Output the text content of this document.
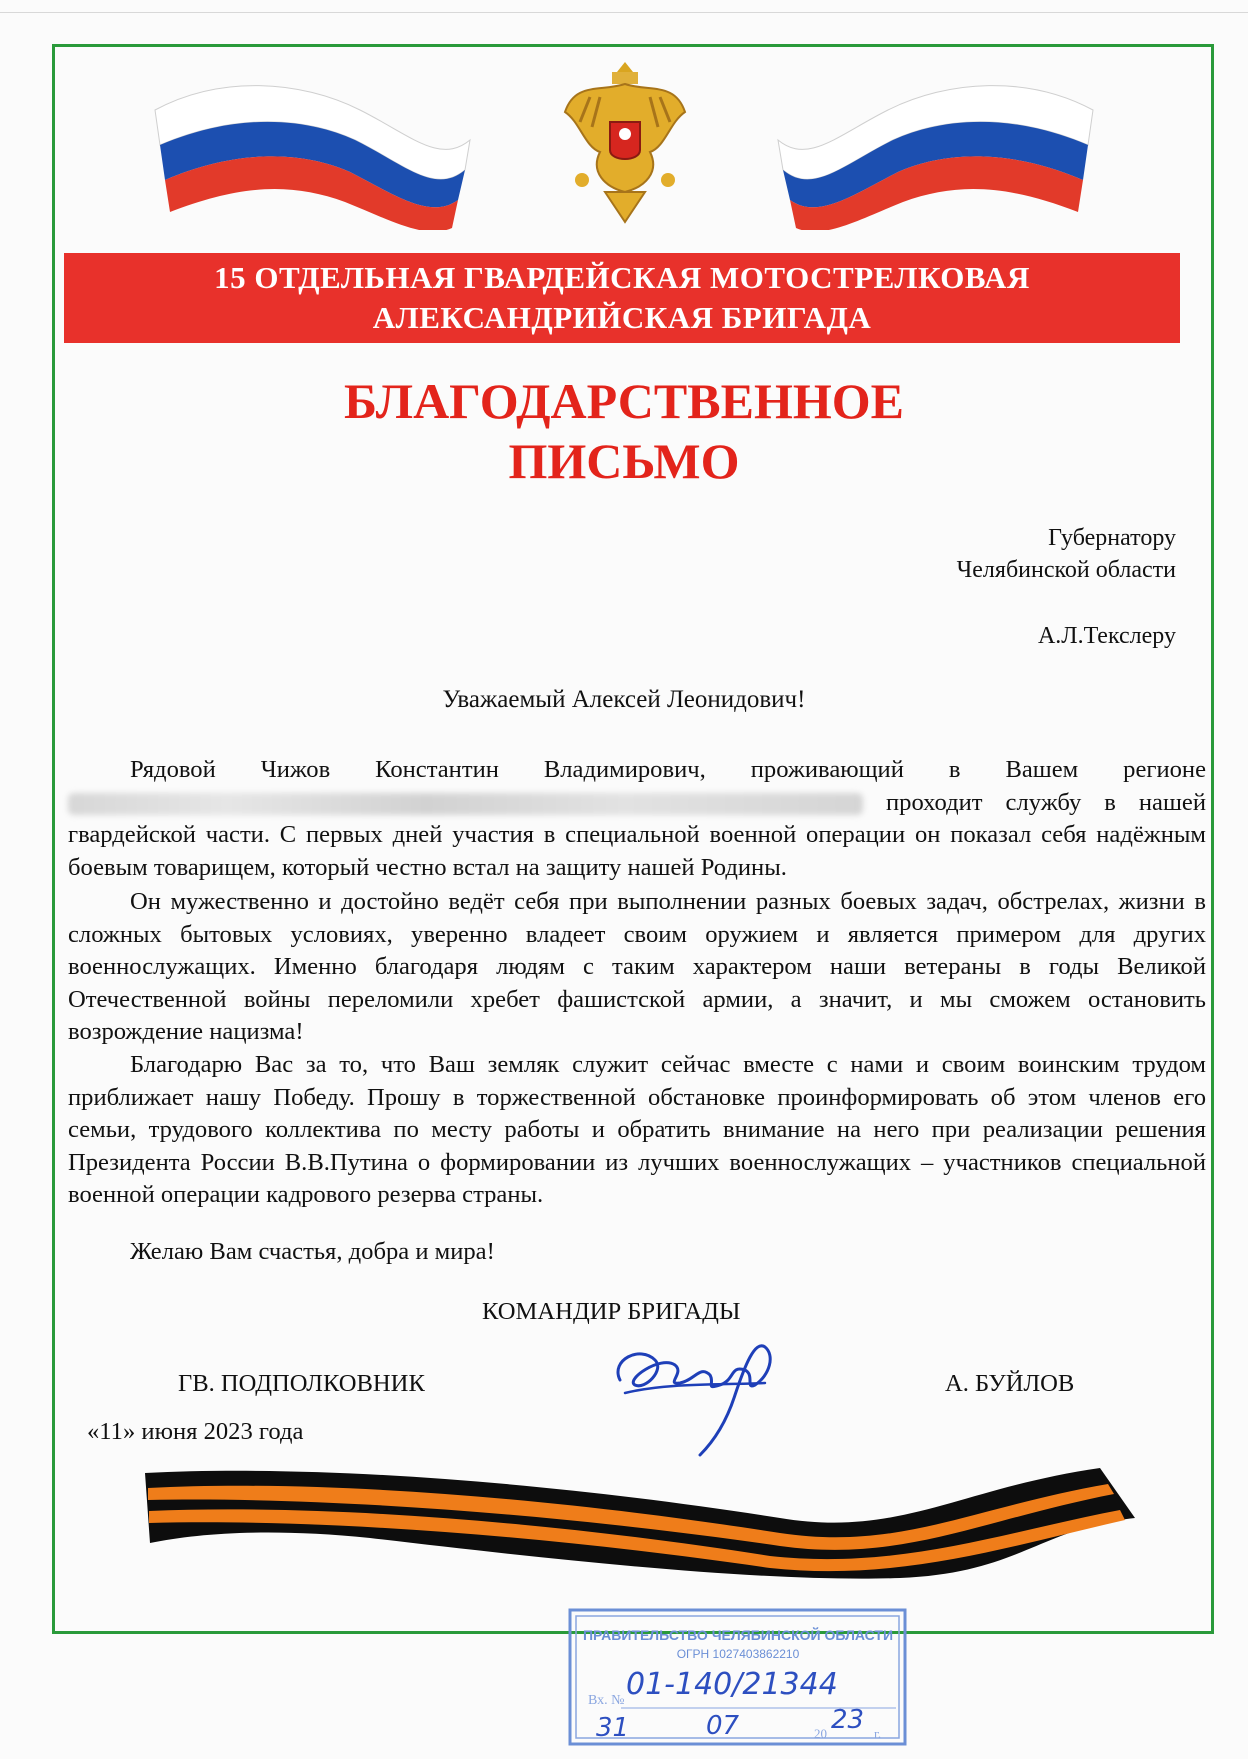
15 ОТДЕЛЬНАЯ ГВАРДЕЙСКАЯ МОТОСТРЕЛКОВАЯ
АЛЕКСАНДРИЙСКАЯ БРИГАДА
БЛАГОДАРСТВЕННОЕ
ПИСЬМО
Губернатору
Челябинской области
А.Л.Текслеру
Уважаемый Алексей Леонидович!

Рядовой Чижов Константин Владимирович, проживающий в Вашем регионе  проходит службу в нашей гвардейской части. С первых дней участия в специальной военной операции он показал себя надёжным боевым товарищем, который честно встал на защиту нашей Родины.

Он мужественно и достойно ведёт себя при выполнении разных боевых задач, обстрелах, жизни в сложных бытовых условиях, уверенно владеет своим оружием и является примером для других военнослужащих. Именно благодаря людям с таким характером наши ветераны в годы Великой Отечественной войны переломили хребет фашистской армии, а значит, и мы сможем остановить возрождение нацизма!

Благодарю Вас за то, что Ваш земляк служит сейчас вместе с нами и своим воинским трудом приближает нашу Победу. Прошу в торжественной обстановке проинформировать об этом членов его семьи, трудового коллектива по месту работы и обратить внимание на него при реализации решения Президента России В.В.Путина о формировании из лучших военнослужащих – участников специальной военной операции кадрового резерва страны.

Желаю Вам счастья, добра и мира!

КОМАНДИР БРИГАДЫ
ГВ. ПОДПОЛКОВНИК	А. БУЙЛОВ
«11» июня 2023 года
ПРАВИТЕЛЬСТВО ЧЕЛЯБИНСКОЙ ОБЛАСТИ
ОГРН 1027403862210
Вх. № 01-140/21344
31	07	20 23 г.
